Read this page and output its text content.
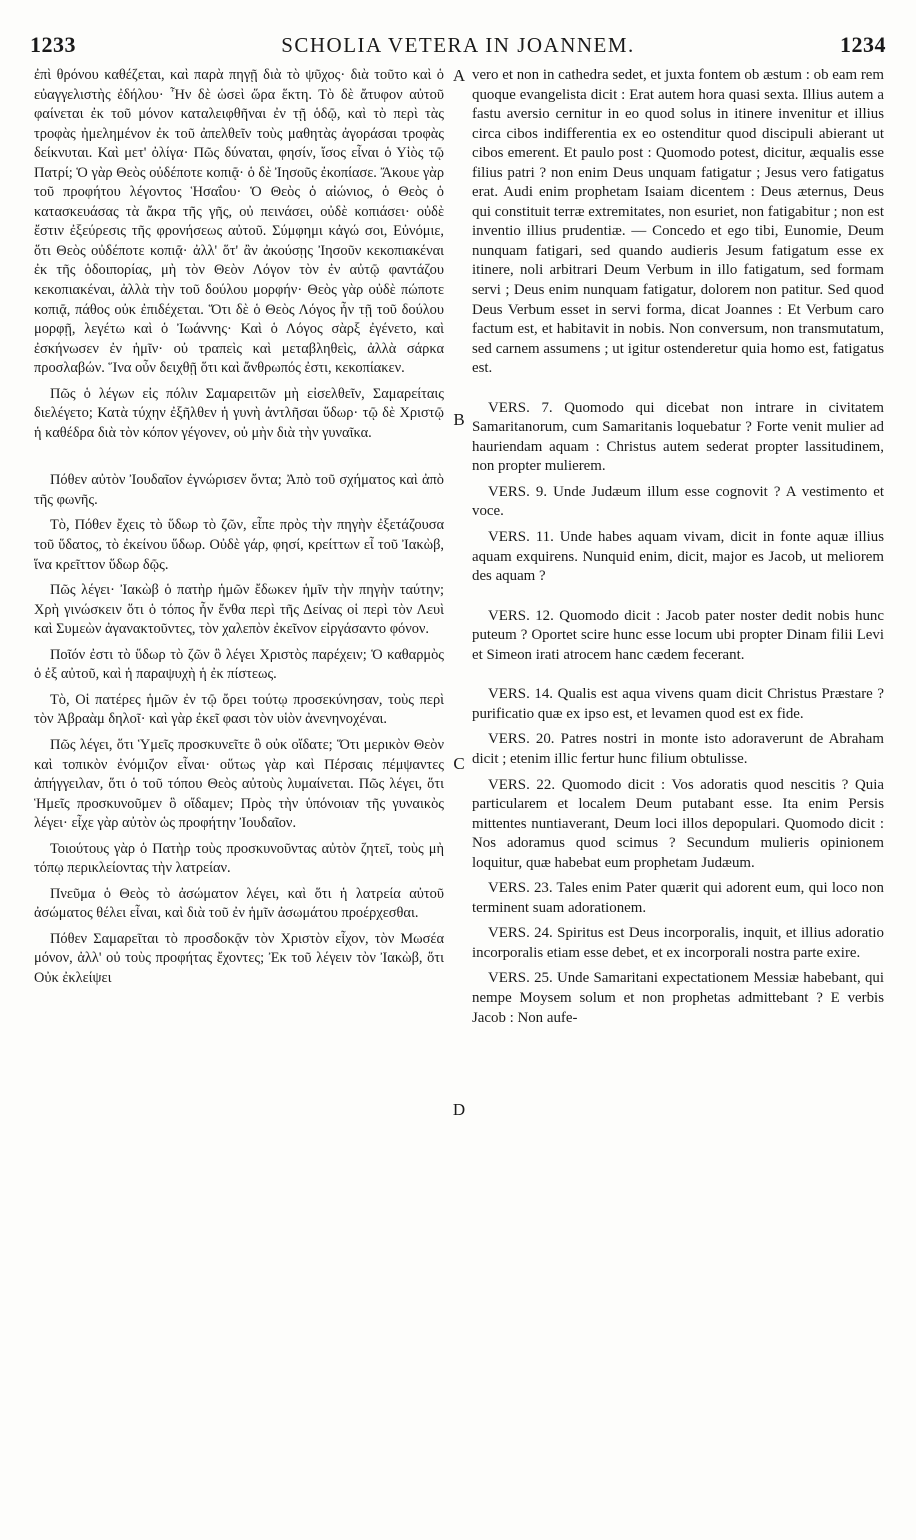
1233	SCHOLIA VETERA IN JOANNEM.	1234
A
B
C
D

ἐπὶ θρόνου καθέζεται, καὶ παρὰ πηγῇ διὰ τὸ ψῦχος· διὰ τοῦτο καὶ ὁ εὐαγγελιστὴς ἐδήλου· Ἦν δὲ ὡσεὶ ὥρα ἕκτη. Τὸ δὲ ἄτυφον αὐτοῦ φαίνεται ἐκ τοῦ μόνον καταλειφθῆναι ἐν τῇ ὁδῷ, καὶ τὸ περὶ τὰς τροφὰς ἠμελημένον ἐκ τοῦ ἀπελθεῖν τοὺς μαθητὰς ἀγοράσαι τροφὰς δείκνυται. Καὶ μετ' ὀλίγα· Πῶς δύναται, φησίν, ἴσος εἶναι ὁ Υἱὸς τῷ Πατρί; Ὁ γὰρ Θεὸς οὐδέποτε κοπιᾷ· ὁ δὲ Ἰησοῦς ἐκοπίασε. Ἄκουε γὰρ τοῦ προφήτου λέγοντος Ἡσαΐου· Ὁ Θεὸς ὁ αἰώνιος, ὁ Θεὸς ὁ κατασκευάσας τὰ ἄκρα τῆς γῆς, οὐ πεινάσει, οὐδὲ κοπιάσει· οὐδὲ ἔστιν ἐξεύρεσις τῆς φρονήσεως αὐτοῦ. Σύμφημι κἀγώ σοι, Εὐνόμιε, ὅτι Θεὸς οὐδέποτε κοπιᾷ· ἀλλ' ὅτ' ἂν ἀκούσῃς Ἰησοῦν κεκοπιακέναι ἐκ τῆς ὁδοιπορίας, μὴ τὸν Θεὸν Λόγον τὸν ἐν αὐτῷ φαντάζου κεκοπιακέναι, ἀλλὰ τὴν τοῦ δούλου μορφήν· Θεὸς γὰρ οὐδὲ πώποτε κοπιᾷ, πάθος οὐκ ἐπιδέχεται. Ὅτι δὲ ὁ Θεὸς Λόγος ἦν τῇ τοῦ δούλου μορφῇ, λεγέτω καὶ ὁ Ἰωάννης· Καὶ ὁ Λόγος σὰρξ ἐγένετο, καὶ ἐσκήνωσεν ἐν ἡμῖν· οὐ τραπεὶς καὶ μεταβληθεὶς, ἀλλὰ σάρκα προσλαβών. Ἵνα οὖν δειχθῇ ὅτι καὶ ἄνθρωπός ἐστι, κεκοπίακεν.

Πῶς ὁ λέγων εἰς πόλιν Σαμαρειτῶν μὴ εἰσελθεῖν, Σαμαρείταις διελέγετο; Κατὰ τύχην ἐξῆλθεν ἡ γυνὴ ἀντλῆσαι ὕδωρ· τῷ δὲ Χριστῷ ἡ καθέδρα διὰ τὸν κόπον γέγονεν, οὐ μὴν διὰ τὴν γυναῖκα.

Πόθεν αὐτὸν Ἰουδαῖον ἐγνώρισεν ὄντα; Ἀπὸ τοῦ σχήματος καὶ ἀπὸ τῆς φωνῆς.

Τὸ, Πόθεν ἔχεις τὸ ὕδωρ τὸ ζῶν, εἶπε πρὸς τὴν πηγὴν ἐξετάζουσα τοῦ ὕδατος, τὸ ἐκείνου ὕδωρ. Οὐδὲ γάρ, φησί, κρείττων εἶ τοῦ Ἰακὼβ, ἵνα κρεῖττον ὕδωρ δῷς.

Πῶς λέγει· Ἰακὼβ ὁ πατὴρ ἡμῶν ἔδωκεν ἡμῖν τὴν πηγὴν ταύτην; Χρὴ γινώσκειν ὅτι ὁ τόπος ἦν ἔνθα περὶ τῆς Δείνας οἱ περὶ τὸν Λευὶ καὶ Συμεὼν ἀγανακτοῦντες, τὸν χαλεπὸν ἐκεῖνον εἰργάσαντο φόνον.

Ποῖόν ἐστι τὸ ὕδωρ τὸ ζῶν ὃ λέγει Χριστὸς παρέχειν; Ὁ καθαρμὸς ὁ ἐξ αὐτοῦ, καὶ ἡ παραψυχὴ ἡ ἐκ πίστεως.

Τὸ, Οἱ πατέρες ἡμῶν ἐν τῷ ὄρει τούτῳ προσεκύνησαν, τοὺς περὶ τὸν Ἀβραὰμ δηλοῖ· καὶ γὰρ ἐκεῖ φασι τὸν υἱὸν ἀνενηνοχέναι.

Πῶς λέγει, ὅτι Ὑμεῖς προσκυνεῖτε ὃ οὐκ οἴδατε; Ὅτι μερικὸν Θεὸν καὶ τοπικὸν ἐνόμιζον εἶναι· οὕτως γὰρ καὶ Πέρσαις πέμψαντες ἀπήγγειλαν, ὅτι ὁ τοῦ τόπου Θεὸς αὐτοὺς λυμαίνεται. Πῶς λέγει, ὅτι Ἡμεῖς προσκυνοῦμεν ὃ οἴδαμεν; Πρὸς τὴν ὑπόνοιαν τῆς γυναικὸς λέγει· εἶχε γὰρ αὐτὸν ὡς προφήτην Ἰουδαῖον.

Τοιούτους γὰρ ὁ Πατὴρ τοὺς προσκυνοῦντας αὐτὸν ζητεῖ, τοὺς μὴ τόπῳ περικλείοντας τὴν λατρείαν.

Πνεῦμα ὁ Θεὸς τὸ ἀσώματον λέγει, καὶ ὅτι ἡ λατρεία αὐτοῦ ἀσώματος θέλει εἶναι, καὶ διὰ τοῦ ἐν ἡμῖν ἀσωμάτου προέρχεσθαι.

Πόθεν Σαμαρεῖται τὸ προσδοκᾷν τὸν Χριστὸν εἶχον, τὸν Μωσέα μόνον, ἀλλ' οὐ τοὺς προφήτας ἔχοντες; Ἐκ τοῦ λέγειν τὸν Ἰακὼβ, ὅτι Οὐκ ἐκλείψει

vero et non in cathedra sedet, et juxta fontem ob æstum : ob eam rem quoque evangelista dicit : Erat autem hora quasi sexta. Illius autem a fastu aversio cernitur in eo quod solus in itinere invenitur et illius circa cibos indifferentia ex eo ostenditur quod discipuli abierant ut cibos emerent. Et paulo post : Quomodo potest, dicitur, æqualis esse filius patri ? non enim Deus unquam fatigatur ; Jesus vero fatigatus erat. Audi enim prophetam Isaiam dicentem : Deus æternus, Deus qui constituit terræ extremitates, non esuriet, non fatigabitur ; non est inventio illius prudentiæ. — Concedo et ego tibi, Eunomie, Deum nunquam fatigari, sed quando audieris Jesum fatigatum esse ex itinere, noli arbitrari Deum Verbum in illo fatigatum, sed formam servi ; Deus enim nunquam fatigatur, dolorem non patitur. Sed quod Deus Verbum esset in servi forma, dicat Joannes : Et Verbum caro factum est, et habitavit in nobis. Non conversum, non transmutatum, sed carnem assumens ; ut igitur ostenderetur quia homo est, fatigatus est.

VERS. 7. Quomodo qui dicebat non intrare in civitatem Samaritanorum, cum Samaritanis loquebatur ? Forte venit mulier ad hauriendam aquam : Christus autem sederat propter lassitudinem, non propter mulierem.

VERS. 9. Unde Judæum illum esse cognovit ? A vestimento et voce.

VERS. 11. Unde habes aquam vivam, dicit in fonte aquæ illius aquam exquirens. Nunquid enim, dicit, major es Jacob, ut meliorem des aquam ?

VERS. 12. Quomodo dicit : Jacob pater noster dedit nobis hunc puteum ? Oportet scire hunc esse locum ubi propter Dinam filii Levi et Simeon irati atrocem hanc cædem fecerant.

VERS. 14. Qualis est aqua vivens quam dicit Christus Præstare ? purificatio quæ ex ipso est, et levamen quod est ex fide.

VERS. 20. Patres nostri in monte isto adoraverunt de Abraham dicit ; etenim illic fertur hunc filium obtulisse.

VERS. 22. Quomodo dicit : Vos adoratis quod nescitis ? Quia particularem et localem Deum putabant esse. Ita enim Persis mittentes nuntiaverant, Deum loci illos depopulari. Quomodo dicit : Nos adoramus quod scimus ? Secundum mulieris opinionem loquitur, quæ habebat eum prophetam Judæum.

VERS. 23. Tales enim Pater quærit qui adorent eum, qui loco non terminent suam adorationem.

VERS. 24. Spiritus est Deus incorporalis, inquit, et illius adoratio incorporalis etiam esse debet, et ex incorporali nostra parte exire.

VERS. 25. Unde Samaritani expectationem Messiæ habebant, qui nempe Moysem solum et non prophetas admittebant ? E verbis Jacob : Non aufe-
